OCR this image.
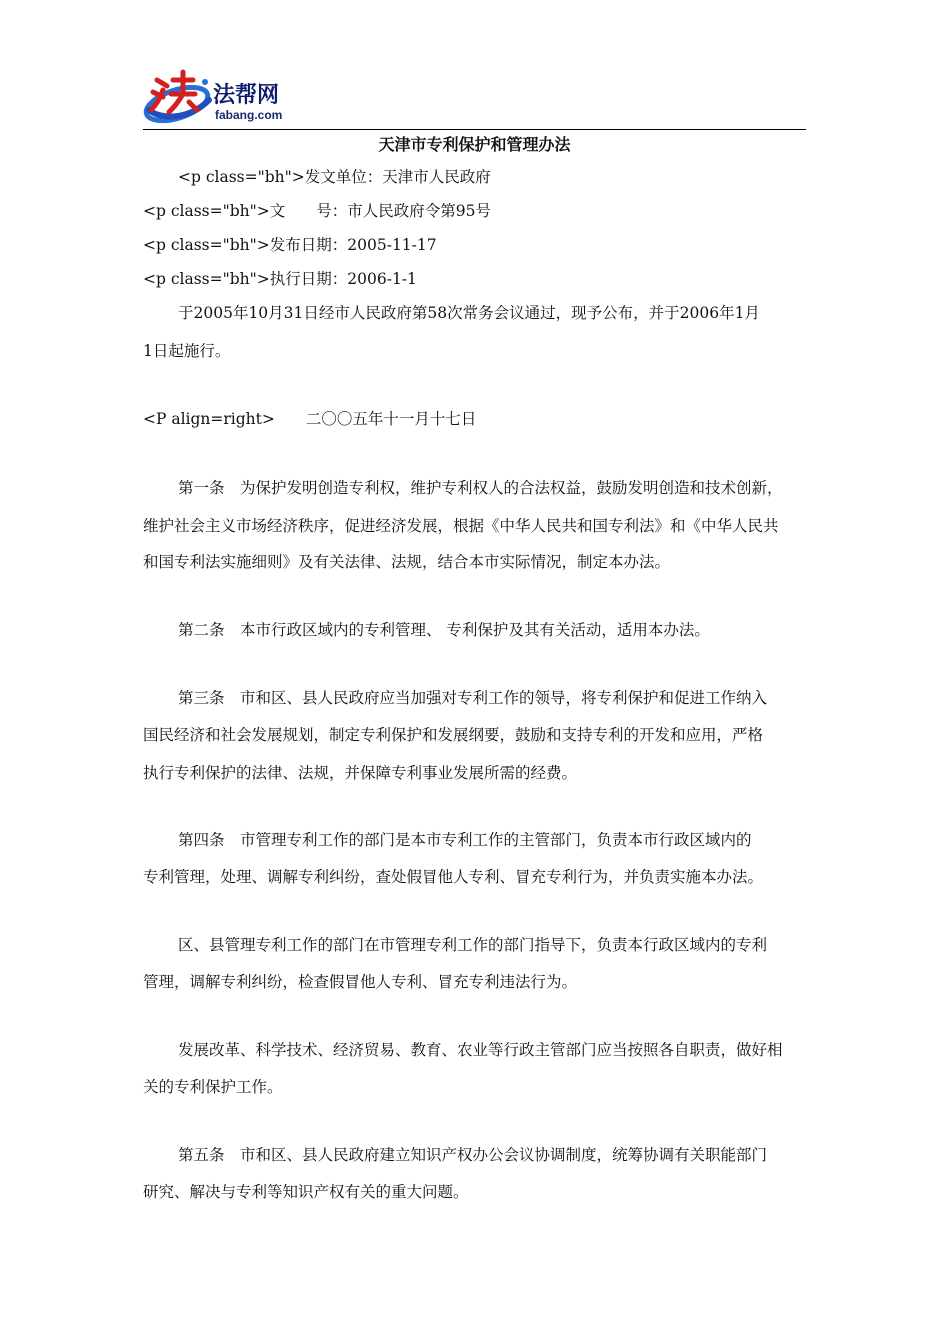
法帮网
fabang.com
天津市专利保护和管理办法
<p class="bh">发文单位：天津市人民政府
<p class="bh">文　　号：市人民政府令第95号
<p class="bh">发布日期：2005-11-17
<p class="bh">执行日期：2006-1-1
于2005年10月31日经市人民政府第58次常务会议通过，现予公布，并于2006年1月
1日起施行。
<P align=right>　　二〇〇五年十一月十七日
第一条　为保护发明创造专利权，维护专利权人的合法权益，鼓励发明创造和技术创新，
维护社会主义市场经济秩序，促进经济发展，根据《中华人民共和国专利法》和《中华人民共
和国专利法实施细则》及有关法律、法规，结合本市实际情况，制定本办法。
第二条　本市行政区域内的专利管理、 专利保护及其有关活动，适用本办法。
第三条　市和区、县人民政府应当加强对专利工作的领导，将专利保护和促进工作纳入
国民经济和社会发展规划，制定专利保护和发展纲要，鼓励和支持专利的开发和应用，严格
执行专利保护的法律、法规，并保障专利事业发展所需的经费。
第四条　市管理专利工作的部门是本市专利工作的主管部门，负责本市行政区域内的
专利管理，处理、调解专利纠纷，查处假冒他人专利、冒充专利行为，并负责实施本办法。
区、县管理专利工作的部门在市管理专利工作的部门指导下，负责本行政区域内的专利
管理，调解专利纠纷，检查假冒他人专利、冒充专利违法行为。
发展改革、科学技术、经济贸易、教育、农业等行政主管部门应当按照各自职责，做好相
关的专利保护工作。
第五条　市和区、县人民政府建立知识产权办公会议协调制度，统筹协调有关职能部门
研究、解决与专利等知识产权有关的重大问题。
